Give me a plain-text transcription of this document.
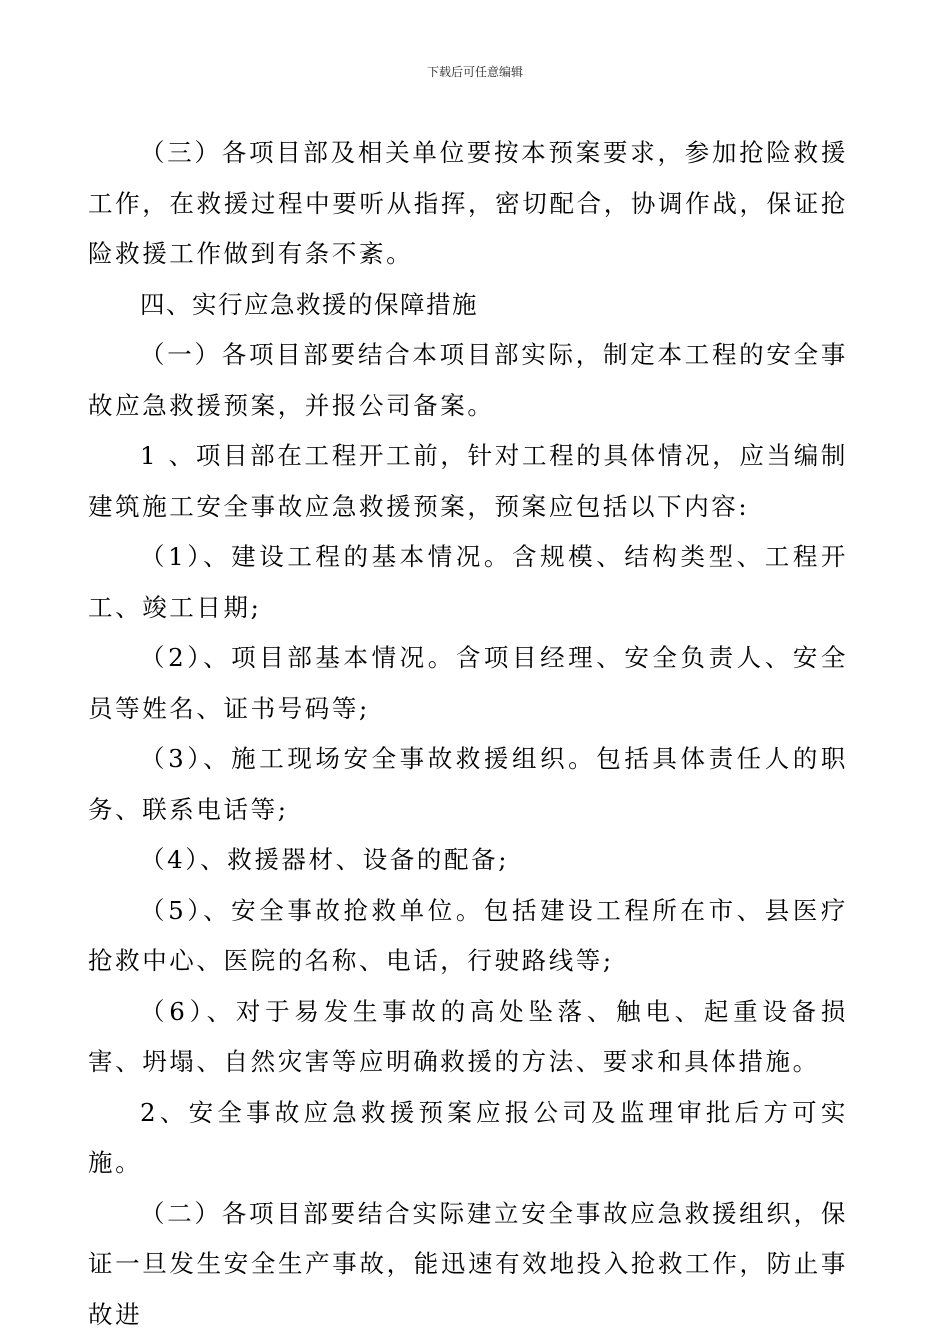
下载后可任意编辑

（三）各项目部及相关单位要按本预案要求，参加抢险救援工作，在救援过程中要听从指挥，密切配合，协调作战，保证抢险救援工作做到有条不紊。

四、实行应急救援的保障措施

（一）各项目部要结合本项目部实际，制定本工程的安全事故应急救援预案，并报公司备案。

1 、项目部在工程开工前，针对工程的具体情况，应当编制建筑施工安全事故应急救援预案，预案应包括以下内容:

（1）、建设工程的基本情况。含规模、结构类型、工程开工、竣工日期;

（2）、项目部基本情况。含项目经理、安全负责人、安全员等姓名、证书号码等;

（3）、施工现场安全事故救援组织。包括具体责任人的职务、联系电话等;

（4）、救援器材、设备的配备;

（5）、安全事故抢救单位。包括建设工程所在市、县医疗抢救中心、医院的名称、电话，行驶路线等;

（6）、对于易发生事故的高处坠落、触电、起重设备损害、坍塌、自然灾害等应明确救援的方法、要求和具体措施。

2、安全事故应急救援预案应报公司及监理审批后方可实施。

（二）各项目部要结合实际建立安全事故应急救援组织，保证一旦发生安全生产事故，能迅速有效地投入抢救工作，防止事故进
